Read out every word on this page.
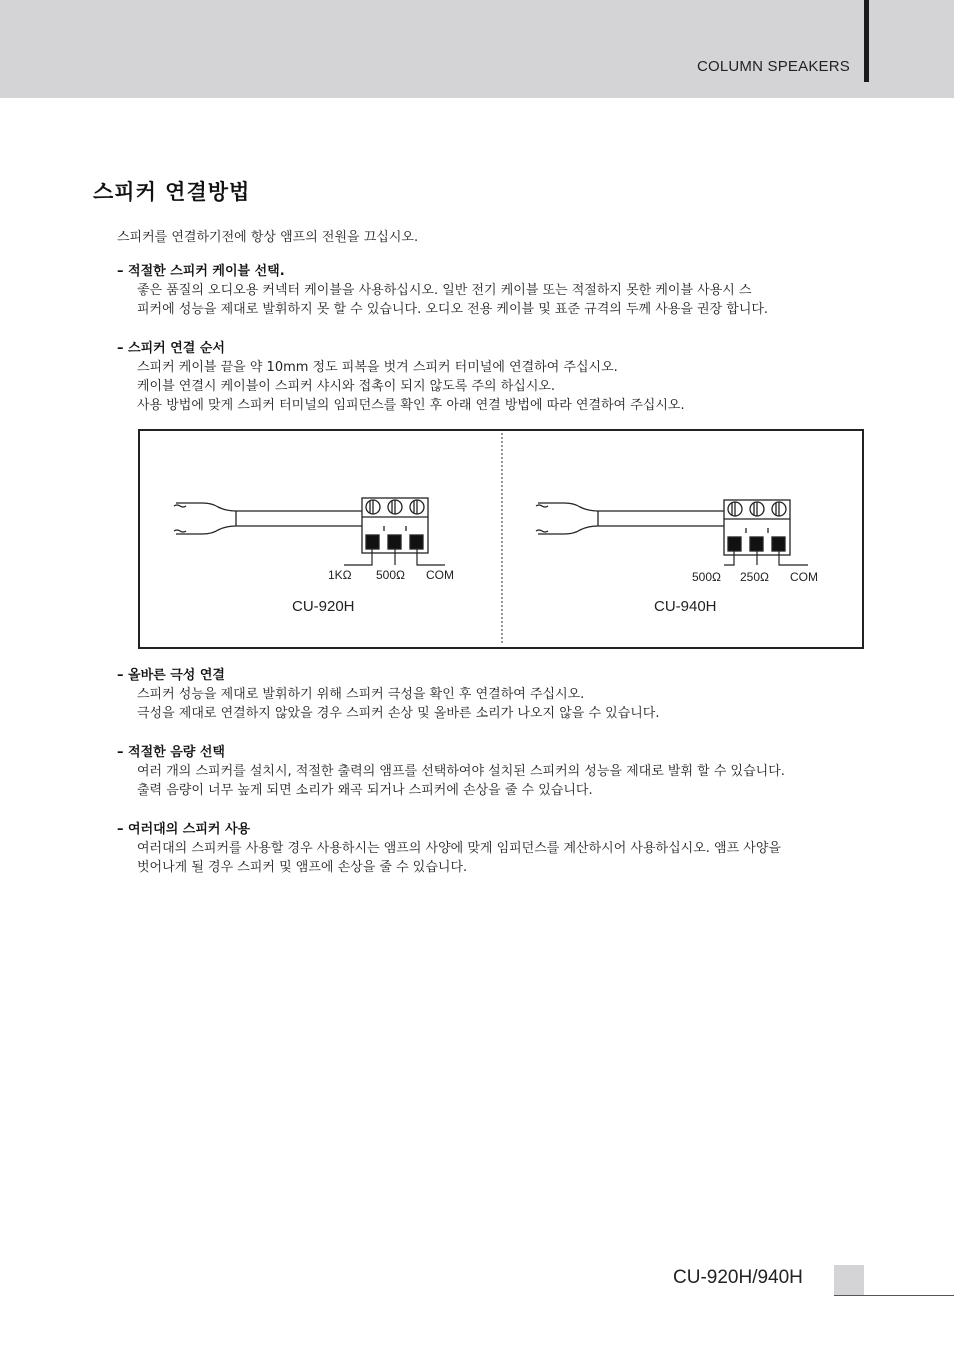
COLUMN SPEAKERS
스피커 연결방법
스피커를 연결하기전에 항상 앰프의 전원을 끄십시오.
– 적절한 스피커 케이블 선택.
좋은 품질의 오디오용 커넥터 케이블을 사용하십시오. 일반 전기 케이블 또는 적절하지 못한 케이블 사용시 스
피커에 성능을 제대로 발휘하지 못 할 수 있습니다. 오디오 전용 케이블 및 표준 규격의 두께 사용을 권장 합니다.
– 스피커 연결 순서
스피커 케이블 끝을 약 10mm 정도 피복을 벗겨 스피커 터미널에 연결하여 주십시오.
케이블 연결시 케이블이 스피커 샤시와 접촉이 되지 않도록 주의 하십시오.
사용 방법에 맞게 스피커 터미널의 임피던스를 확인 후 아래 연결 방법에 따라 연결하여 주십시오.
1KΩ 500Ω COM
CU-920H
500Ω 250Ω COM
CU-940H
– 올바른 극성 연결
스피커 성능을 제대로 발휘하기 위해 스피커 극성을 확인 후 연결하여 주십시오.
극성을 제대로 연결하지 않았을 경우 스피커 손상 및 올바른 소리가 나오지 않을 수 있습니다.
– 적절한 음량 선택
여러 개의 스피커를 설치시, 적절한 출력의 앰프를 선택하여야 설치된 스피커의 성능을 제대로 발휘 할 수 있습니다.
출력 음량이 너무 높게 되면 소리가 왜곡 되거나 스피커에 손상을 줄 수 있습니다.
– 여러대의 스피커 사용
여러대의 스피커를 사용할 경우 사용하시는 앰프의 사양에 맞게 임피던스를 계산하시어 사용하십시오. 앰프 사양을
벗어나게 될 경우 스피커 및 앰프에 손상을 줄 수 있습니다.
CU-920H/940H
